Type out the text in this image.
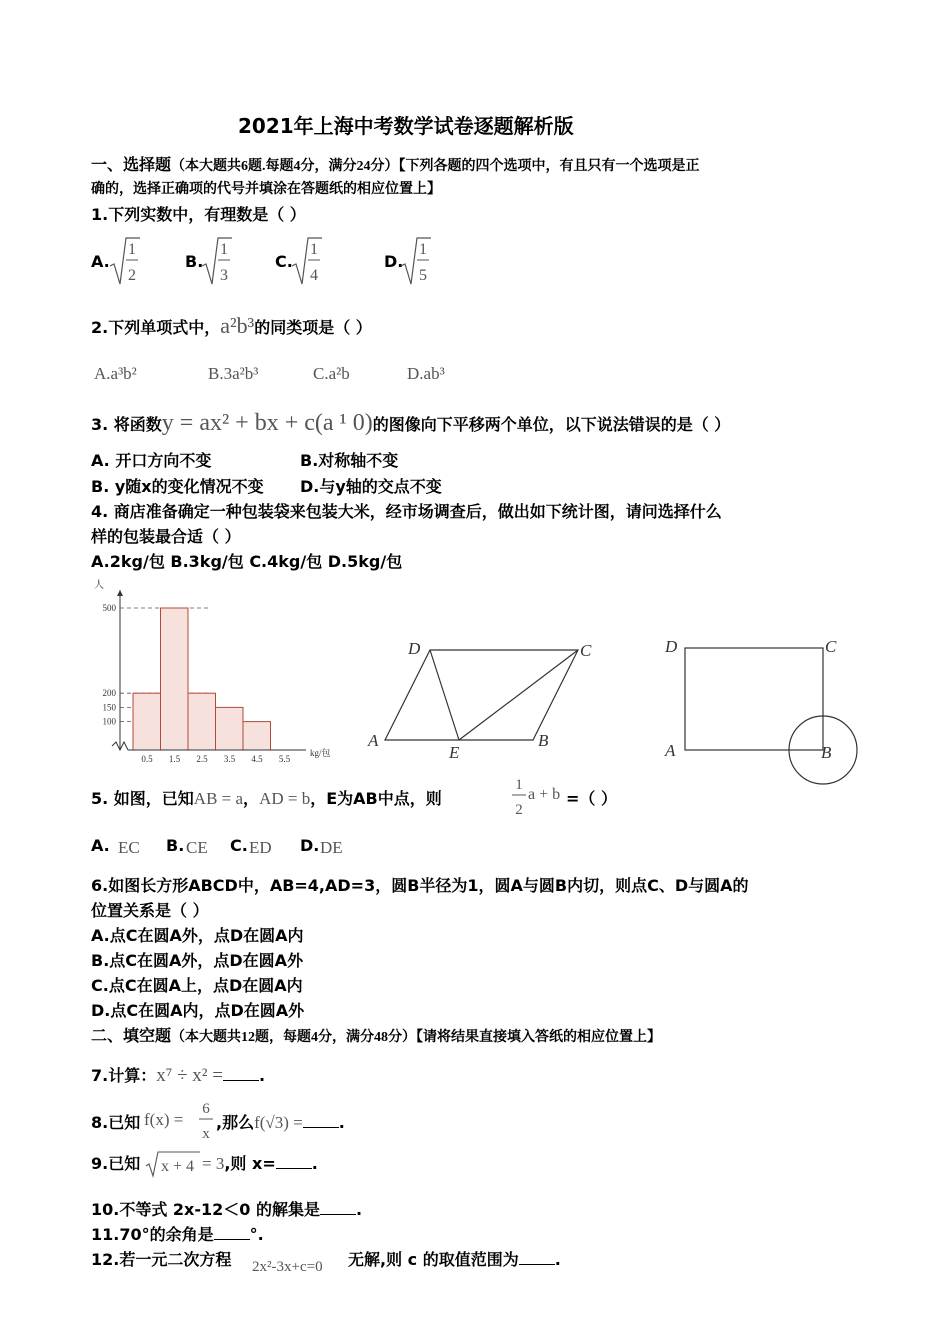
2021年上海中考数学试卷逐题解析版
一、选择题（本大题共6题.每题4分，满分24分）【下列各题的四个选项中，有且只有一个选项是正
确的，选择正确项的代号并填涂在答题纸的相应位置上】
1.下列实数中，有理数是（ ）
A.
1
2
B.
1
3
C.
1
4
D.
1
5
2.下列单项式中，a²b³的同类项是（ ）
A.a³b²	B.3a²b³	C.a²b	D.ab³
3. 将函数y = ax² + bx + c(a ¹ 0)的图像向下平移两个单位，以下说法错误的是（ ）
A. 开口方向不变	B.对称轴不变
B. y随x的变化情况不变 D.与y轴的交点不变
4. 商店准备确定一种包装袋来包装大米，经市场调查后，做出如下统计图，请问选择什么
样的包装最合适（ ）
A.2kg/包 B.3kg/包 C.4kg/包 D.5kg/包
人
kg/包
100
150
200
500
0.5 1.5 2.5 3.5 4.5 5.5
D	C
A
E
B
D	C
A	B
5. 如图，已知AB = a，AD = b，E为AB中点，则
1
2
a + b =（ ）
A. EC B. CE C. ED D. DE
6.如图长方形ABCD中，AB=4,AD=3，圆B半径为1，圆A与圆B内切，则点C、D与圆A的
位置关系是（ ）
A.点C在圆A外，点D在圆A内
B.点C在圆A外，点D在圆A外
C.点C在圆A上，点D在圆A内
D.点C在圆A内，点D在圆A外
二、填空题（本大题共12题，每题4分，满分48分）【请将结果直接填入答纸的相应位置上】
7.计算：x⁷ ÷ x² = .
8.已知 f(x) =
6
x
,那么f(√3) = .
9.已知 x + 4 = 3,则 x= .
10.不等式 2x-12＜0 的解集是 .
11.70°的余角是 °.
12.若一元二次方程 2x²-3x+c=0 无解,则 c 的取值范围为 .
